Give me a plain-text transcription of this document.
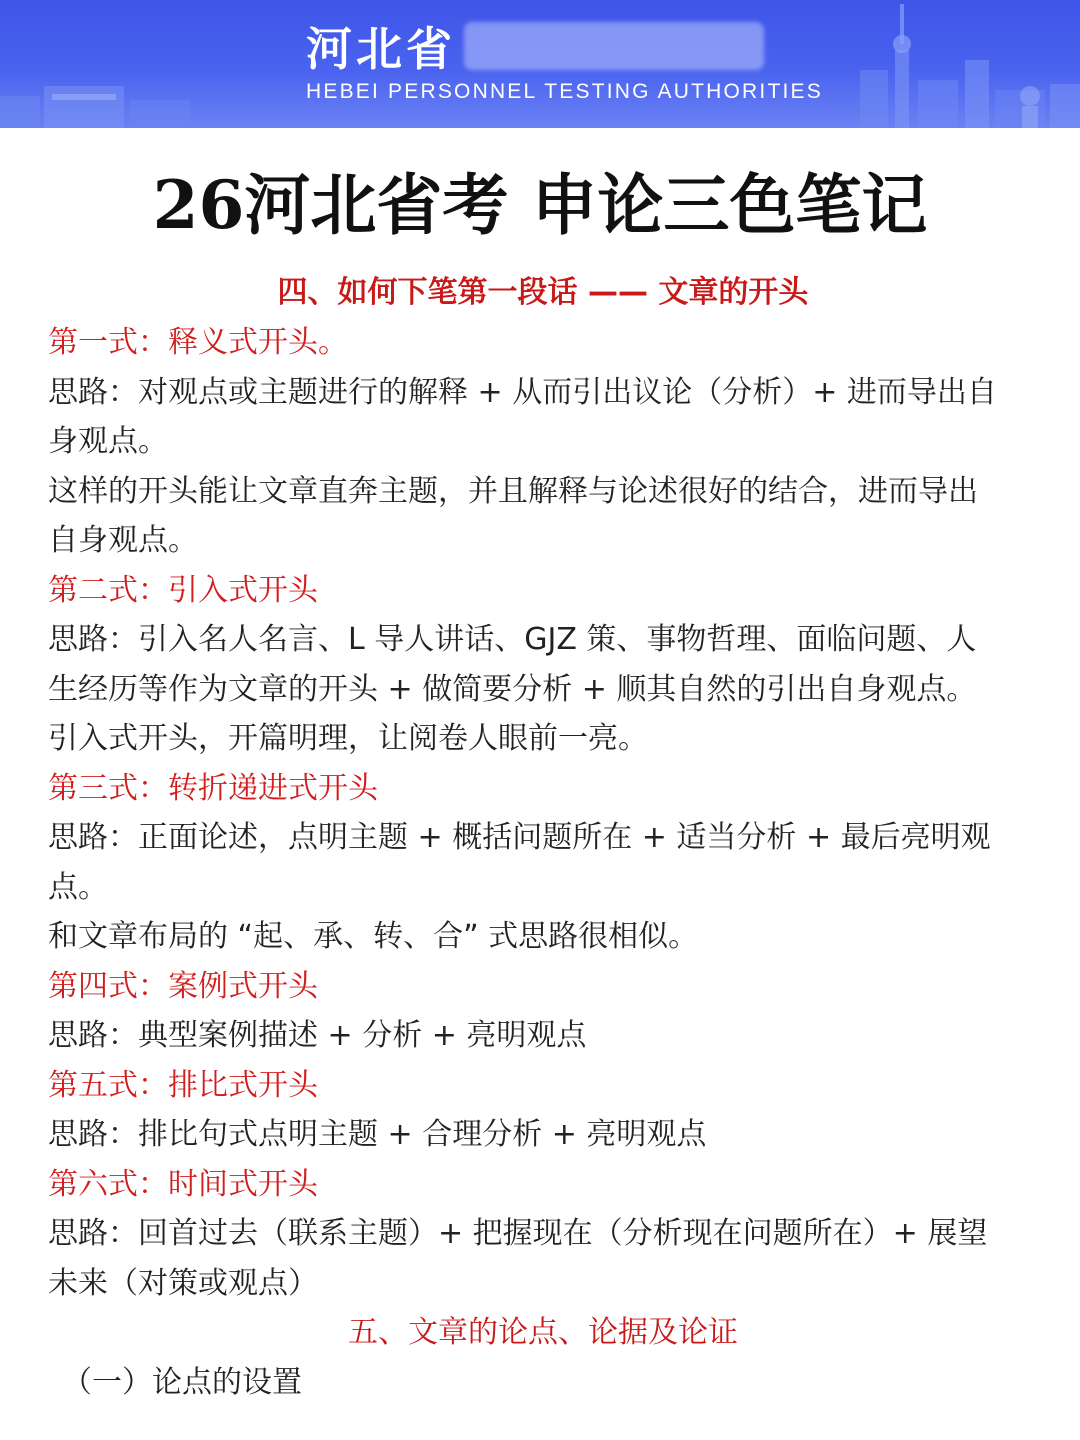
河北省
HEBEI PERSONNEL TESTING AUTHORITIES
26河北省考 申论三色笔记
四、如何下笔第一段话 —— 文章的开头
第一式：释义式开头。
思路：对观点或主题进行的解释 + 从而引出议论（分析）+ 进而导出自
身观点。
这样的开头能让文章直奔主题，并且解释与论述很好的结合，进而导出
自身观点。
第二式：引入式开头
思路：引入名人名言、L 导人讲话、GJZ 策、事物哲理、面临问题、人
生经历等作为文章的开头 + 做简要分析 + 顺其自然的引出自身观点。
引入式开头，开篇明理，让阅卷人眼前一亮。
第三式：转折递进式开头
思路：正面论述，点明主题 + 概括问题所在 + 适当分析 + 最后亮明观
点。
和文章布局的 “起、承、转、合” 式思路很相似。
第四式：案例式开头
思路：典型案例描述 + 分析 + 亮明观点
第五式：排比式开头
思路：排比句式点明主题 + 合理分析 + 亮明观点
第六式：时间式开头
思路：回首过去（联系主题）+ 把握现在（分析现在问题所在）+ 展望
未来（对策或观点）
五、文章的论点、论据及论证
（一）论点的设置
